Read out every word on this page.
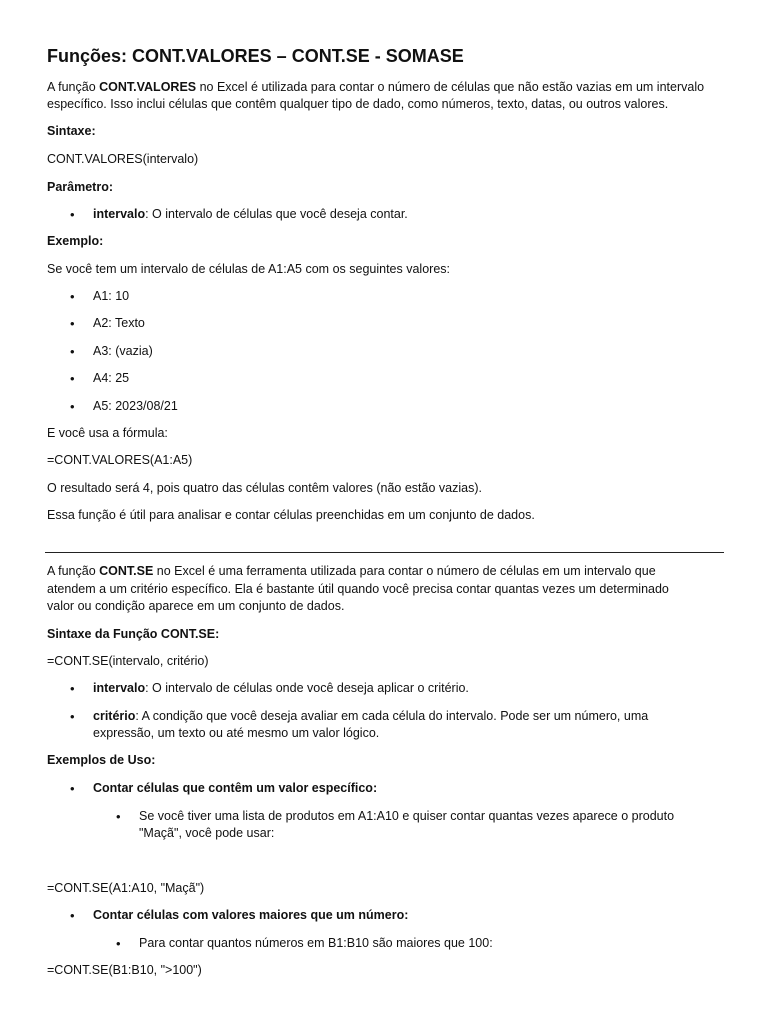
Funções: CONT.VALORES – CONT.SE - SOMASE
A função CONT.VALORES no Excel é utilizada para contar o número de células que não estão vazias em um intervalo
específico. Isso inclui células que contêm qualquer tipo de dado, como números, texto, datas, ou outros valores.
Sintaxe:
CONT.VALORES(intervalo)
Parâmetro:
• intervalo: O intervalo de células que você deseja contar.
Exemplo:
Se você tem um intervalo de células de A1:A5 com os seguintes valores:
• A1: 10
• A2: Texto
• A3: (vazia)
• A4: 25
• A5: 2023/08/21
E você usa a fórmula:
=CONT.VALORES(A1:A5)
O resultado será 4, pois quatro das células contêm valores (não estão vazias).
Essa função é útil para analisar e contar células preenchidas em um conjunto de dados.
A função CONT.SE no Excel é uma ferramenta utilizada para contar o número de células em um intervalo que
atendem a um critério específico. Ela é bastante útil quando você precisa contar quantas vezes um determinado
valor ou condição aparece em um conjunto de dados.
Sintaxe da Função CONT.SE:
=CONT.SE(intervalo, critério)
• intervalo: O intervalo de células onde você deseja aplicar o critério.
• critério: A condição que você deseja avaliar em cada célula do intervalo. Pode ser um número, uma
expressão, um texto ou até mesmo um valor lógico.
Exemplos de Uso:
• Contar células que contêm um valor específico:
• Se você tiver uma lista de produtos em A1:A10 e quiser contar quantas vezes aparece o produto
"Maçã", você pode usar:
=CONT.SE(A1:A10, "Maçã")
• Contar células com valores maiores que um número:
• Para contar quantos números em B1:B10 são maiores que 100:
=CONT.SE(B1:B10, ">100")
